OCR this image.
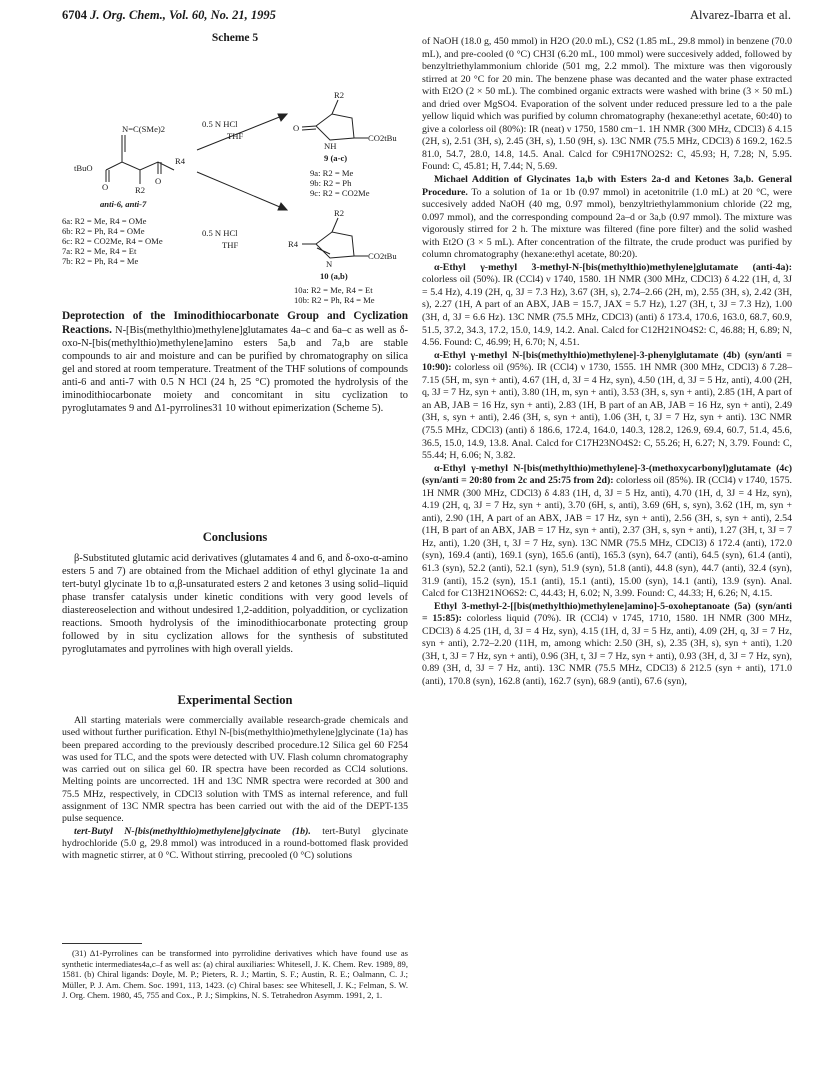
6704 J. Org. Chem., Vol. 60, No. 21, 1995	Alvarez-Ibarra et al.
Scheme 5
0.5 N HCl
THF
0.5 N HCl
THF
N=C(SMe)2
tBuO
R4
R2
O
O
anti-6, anti-7
6a: R2 = Me, R4 = OMe
6b: R2 = Ph, R4 = OMe
6c: R2 = CO2Me, R4 = OMe
7a: R2 = Me, R4 = Et
7b: R2 = Ph, R4 = Me
R2
O
NH
CO2tBu
9 (a-c)
9a: R2 = Me
9b: R2 = Ph
9c: R2 = CO2Me
R2
R4
N
CO2tBu
10 (a,b)
10a: R2 = Me, R4 = Et
10b: R2 = Ph, R4 = Me

Deprotection of the Iminodithiocarbonate Group and Cyclization Reactions. N-[Bis(methylthio)methylene]glutamates 4a–c and 6a–c as well as δ-oxo-N-[bis(methylthio)methylene]amino esters 5a,b and 7a,b are stable compounds to air and moisture and can be purified by chromatography on silica gel and stored at room temperature. Treatment of the THF solutions of compounds anti-6 and anti-7 with 0.5 N HCl (24 h, 25 °C) promoted the hydrolysis of the iminodithiocarbonate moiety and concomitant in situ cyclization to pyroglutamates 9 and Δ1-pyrrolines31 10 without epimerization (Scheme 5).

Conclusions

β-Substituted glutamic acid derivatives (glutamates 4 and 6, and δ-oxo-α-amino esters 5 and 7) are obtained from the Michael addition of ethyl glycinate 1a and tert-butyl glycinate 1b to α,β-unsaturated esters 2 and ketones 3 using solid–liquid phase transfer catalysis under kinetic conditions with very good levels of diastereoselection and without undesired 1,2-addition, polyaddition, or cyclization reactions. Smooth hydrolysis of the iminodithiocarbonate protecting group followed by in situ cyclization allows for the synthesis of substituted pyroglutamates and pyrrolines with high overall yields.

Experimental Section

All starting materials were commercially available research-grade chemicals and used without further purification. Ethyl N-[bis(methylthio)methylene]glycinate (1a) has been prepared according to the previously described procedure.12 Silica gel 60 F254 was used for TLC, and the spots were detected with UV. Flash column chromatography was carried out on silica gel 60. IR spectra have been recorded as CCl4 solutions. Melting points are uncorrected. 1H and 13C NMR spectra were recorded at 300 and 75.5 MHz, respectively, in CDCl3 solution with TMS as internal reference, and full assignment of 13C NMR spectra has been carried out with the aid of the DEPT-135 pulse sequence.

tert-Butyl N-[bis(methylthio)methylene]glycinate (1b). tert-Butyl glycinate hydrochloride (5.0 g, 29.8 mmol) was introduced in a round-bottomed flask provided with magnetic stirrer, at 0 °C. Without stirring, precooled (0 °C) solutions

(31) Δ1-Pyrrolines can be transformed into pyrrolidine derivatives which have found use as synthetic intermediates4a,c–f as well as: (a) chiral auxiliaries: Whitesell, J. K. Chem. Rev. 1989, 89, 1581. (b) Chiral ligands: Doyle, M. P.; Pieters, R. J.; Martin, S. F.; Austin, R. E.; Oalmann, C. J.; Müller, P. J. Am. Chem. Soc. 1991, 113, 1423. (c) Chiral bases: see Whitesell, J. K.; Felman, S. W. J. Org. Chem. 1980, 45, 755 and Cox., P. J.; Simpkins, N. S. Tetrahedron Asymm. 1991, 2, 1.

of NaOH (18.0 g, 450 mmol) in H2O (20.0 mL), CS2 (1.85 mL, 29.8 mmol) in benzene (70.0 mL), and pre-cooled (0 °C) CH3I (6.20 mL, 100 mmol) were succesively added, followed by benzyltriethylammonium chloride (501 mg, 2.2 mmol). The mixture was then vigorously stirred at 20 °C for 20 min. The benzene phase was decanted and the water phase extracted with Et2O (2 × 50 mL). The combined organic extracts were washed with brine (3 × 50 mL) and dried over MgSO4. Evaporation of the solvent under reduced pressure led to a the pale yellow liquid which was purified by column chromatography (hexane:ethyl acetate, 60:40) to give a colorless oil (80%): IR (neat) ν 1750, 1580 cm−1. 1H NMR (300 MHz, CDCl3) δ 4.15 (2H, s), 2.51 (3H, s), 2.45 (3H, s), 1.50 (9H, s). 13C NMR (75.5 MHz, CDCl3) δ 169.2, 162.5 81.0, 54.7, 28.0, 14.8, 14.5. Anal. Calcd for C9H17NO2S2: C, 45.93; H, 7.28; N, 5.95. Found: C, 45.81; H, 7.44; N, 5.69.

Michael Addition of Glycinates 1a,b with Esters 2a-d and Ketones 3a,b. General Procedure. To a solution of 1a or 1b (0.97 mmol) in acetonitrile (1.0 mL) at 20 °C, were succesively added NaOH (40 mg, 0.97 mmol), benzyltriethylammonium chloride (22 mg, 0.097 mmol), and the corresponding compound 2a–d or 3a,b (0.97 mmol). The mixture was vigorously stirred for 2 h. The mixture was filtered (fine pore filter) and the solid washed with Et2O (3 × 5 mL). After concentration of the filtrate, the crude product was purified by column chromatography (hexane:ethyl acetate, 80:20).

α-Ethyl γ-methyl 3-methyl-N-[bis(methylthio)methylene]glutamate (anti-4a): colorless oil (50%). IR (CCl4) ν 1740, 1580. 1H NMR (300 MHz, CDCl3) δ 4.22 (1H, d, 3J = 5.4 Hz), 4.19 (2H, q, 3J = 7.3 Hz), 3.67 (3H, s), 2.74–2.66 (2H, m), 2.55 (3H, s), 2.42 (3H, s), 2.27 (1H, A part of an ABX, JAB = 15.7, JAX = 5.7 Hz), 1.27 (3H, t, 3J = 7.3 Hz), 1.00 (3H, d, 3J = 6.6 Hz). 13C NMR (75.5 MHz, CDCl3) (anti) δ 173.4, 170.6, 163.0, 68.7, 60.9, 51.5, 37.2, 34.3, 17.2, 15.0, 14.9, 14.2. Anal. Calcd for C12H21NO4S2: C, 46.88; H, 6.89; N, 4.56. Found: C, 46.99; H, 6.70; N, 4.51.

α-Ethyl γ-methyl N-[bis(methylthio)methylene]-3-phenylglutamate (4b) (syn/anti = 10:90): colorless oil (95%). IR (CCl4) ν 1730, 1555. 1H NMR (300 MHz, CDCl3) δ 7.28–7.15 (5H, m, syn + anti), 4.67 (1H, d, 3J = 4 Hz, syn), 4.50 (1H, d, 3J = 5 Hz, anti), 4.00 (2H, q, 3J = 7 Hz, syn + anti), 3.80 (1H, m, syn + anti), 3.53 (3H, s, syn + anti), 2.85 (1H, A part of an AB, JAB = 16 Hz, syn + anti), 2.83 (1H, B part of an AB, JAB = 16 Hz, syn + anti), 2.49 (3H, s, syn + anti), 2.46 (3H, s, syn + anti), 1.06 (3H, t, 3J = 7 Hz, syn + anti). 13C NMR (75.5 MHz, CDCl3) (anti) δ 186.6, 172.4, 164.0, 140.3, 128.2, 126.9, 69.4, 60.7, 51.4, 45.6, 36.5, 15.0, 14.9, 13.8. Anal. Calcd for C17H23NO4S2: C, 55.26; H, 6.27; N, 3.79. Found: C, 55.44; H, 6.06; N, 3.82.

α-Ethyl γ-methyl N-[bis(methylthio)methylene]-3-(methoxycarbonyl)glutamate (4c) (syn/anti = 20:80 from 2c and 25:75 from 2d): colorless oil (85%). IR (CCl4) ν 1740, 1575. 1H NMR (300 MHz, CDCl3) δ 4.83 (1H, d, 3J = 5 Hz, anti), 4.70 (1H, d, 3J = 4 Hz, syn), 4.19 (2H, q, 3J = 7 Hz, syn + anti), 3.70 (6H, s, anti), 3.69 (6H, s, syn), 3.62 (1H, m, syn + anti), 2.90 (1H, A part of an ABX, JAB = 17 Hz, syn + anti), 2.56 (3H, s, syn + anti), 2.54 (1H, B part of an ABX, JAB = 17 Hz, syn + anti), 2.37 (3H, s, syn + anti), 1.27 (3H, t, 3J = 7 Hz, anti), 1.20 (3H, t, 3J = 7 Hz, syn). 13C NMR (75.5 MHz, CDCl3) δ 172.4 (anti), 172.0 (syn), 169.4 (anti), 169.1 (syn), 165.6 (anti), 165.3 (syn), 64.7 (anti), 64.5 (syn), 61.4 (anti), 61.3 (syn), 52.2 (anti), 52.1 (syn), 51.9 (syn), 51.8 (anti), 44.8 (syn), 44.7 (anti), 32.4 (syn), 31.9 (anti), 15.2 (syn), 15.1 (anti), 15.1 (anti), 15.00 (syn), 14.1 (anti), 13.9 (syn). Anal. Calcd for C13H21NO6S2: C, 44.43; H, 6.02; N, 3.99. Found: C, 44.33; H, 6.26; N, 4.15.

Ethyl 3-methyl-2-[[bis(methylthio)methylene]amino]-5-oxoheptanoate (5a) (syn/anti = 15:85): colorless liquid (70%). IR (CCl4) ν 1745, 1710, 1580. 1H NMR (300 MHz, CDCl3) δ 4.25 (1H, d, 3J = 4 Hz, syn), 4.15 (1H, d, 3J = 5 Hz, anti), 4.09 (2H, q, 3J = 7 Hz, syn + anti), 2.72–2.20 (11H, m, among which: 2.50 (3H, s), 2.35 (3H, s), syn + anti), 1.20 (3H, t, 3J = 7 Hz, syn + anti), 0.96 (3H, t, 3J = 7 Hz, syn + anti), 0.93 (3H, d, 3J = 7 Hz, syn), 0.89 (3H, d, 3J = 7 Hz, anti). 13C NMR (75.5 MHz, CDCl3) δ 212.5 (syn + anti), 171.0 (anti), 170.8 (syn), 162.8 (anti), 162.7 (syn), 68.9 (anti), 67.6 (syn),
